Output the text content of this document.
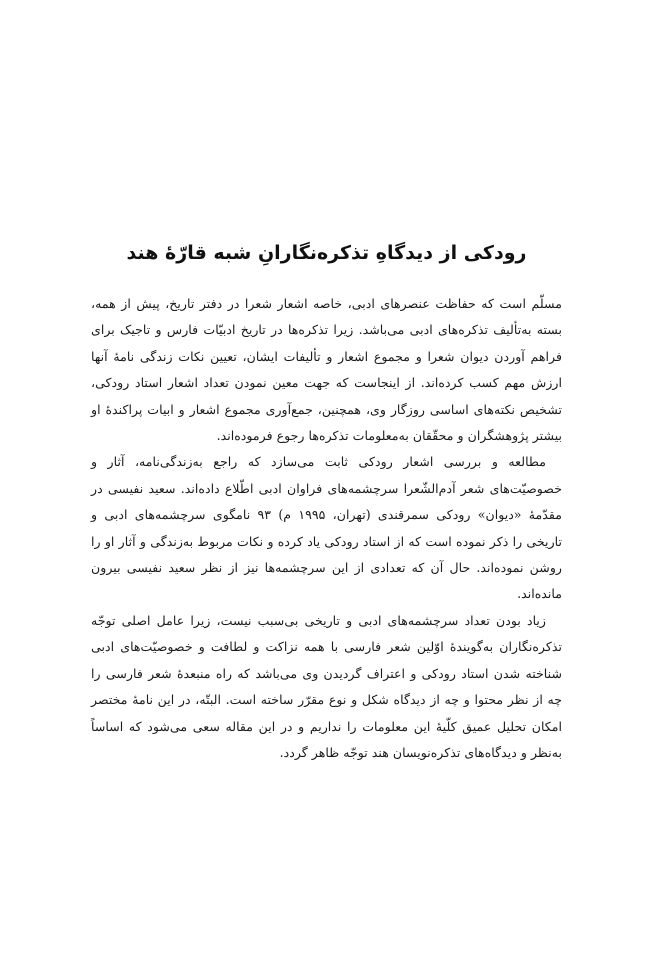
رودکی از دیدگاهِ تذکره‌نگارانِ شبه قارّهٔ هند

مسلّم است که حفاظت عنصرهای ادبی، خاصه اشعار شعرا در دفتر تاریخ، پیش از همه، بسته به‌تألیف تذکره‌های ادبی می‌باشد. زیرا تذکره‌ها در تاریخ ادبیّات فارس و تاجیک برای فراهم آوردن دیوان شعرا و مجموع اشعار و تألیفات ایشان، تعیین نکات زندگی نامهٔ آنها ارزش مهم کسب کرده‌اند. از اینجاست که جهت معین نمودن تعداد اشعار استاد رودکی، تشخیص نکته‌های اساسی روزگار وی، همچنین، جمع‌آوری مجموع اشعار و ابیات پراکندهٔ او بیشتر پژوهشگران و محقّقان به‌معلومات تذکره‌ها رجوع فرموده‌اند.

مطالعه و بررسی اشعار رودکی ثابت می‌سازد که راجع به‌زندگی‌نامه، آثار و خصوصیّت‌های شعر آدم‌الشّعرا سرچشمه‌های فراوان ادبی اطّلاع داده‌اند. سعید نفیسی در مقدّمهٔ «دیوان» رودکی سمرقندی (تهران، ۱۹۹۵ م) ۹۳ نامگوی سرچشمه‌های ادبی و تاریخی را ذکر نموده است که از استاد رودکی یاد کرده و نکات مربوط به‌زندگی و آثار او را روشن نموده‌اند. حال آن که تعدادی از این سرچشمه‌ها نیز از نظر سعید نفیسی بیرون مانده‌اند.

زیاد بودن تعداد سرچشمه‌های ادبی و تاریخی بی‌سبب نیست، زیرا عامل اصلی توجّه تذکره‌نگاران به‌گویندهٔ اوّلین شعر فارسی با همه نزاکت و لطافت و خصوصیّت‌های ادبی شناخته شدن استاد رودکی و اعتراف گردیدن وی می‌باشد که راه منبعدهٔ شعر فارسی را چه از نظر محتوا و چه از دیدگاه شکل و نوع مقرّر ساخته است. البتّه، در این نامهٔ مختصر امکان تحلیل عمیق کلّیهٔ این معلومات را نداریم و در این مقاله سعی می‌شود که اساساً به‌نظر و دیدگاه‌های تذکره‌نویسان هند توجّه ظاهر گردد.
